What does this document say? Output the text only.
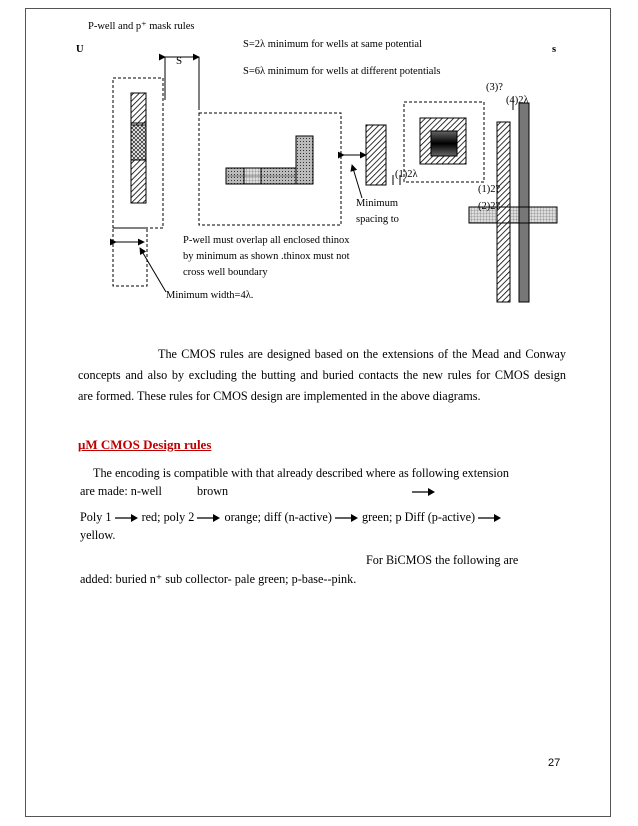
P-well and p⁺ mask rules
U	s
S
S=2λ minimum for wells at same potential
S=6λ minimum for wells at different potentials
(3)?
(4)2λ
(1)2λ
(1)2?
(2)2?
Minimum
spacing to
P-well must overlap all enclosed thinox
by minimum as shown .thinox must not
cross well boundary
Minimum width=4λ.

The CMOS rules are designed based on the extensions of the Mead and Conway

concepts and also by excluding the butting and buried contacts the new rules for CMOS design

are formed. These rules for CMOS design are implemented in the above diagrams.

μM CMOS Design rules
The encoding is compatible with that already described where as following extension
are made: n-well	brown
Poly 1 red; poly 2 orange; diff (n-active) green; p Diff (p-active)
yellow.
For BiCMOS the following are
added: buried n⁺ sub collector- pale green; p-base--pink.
27
